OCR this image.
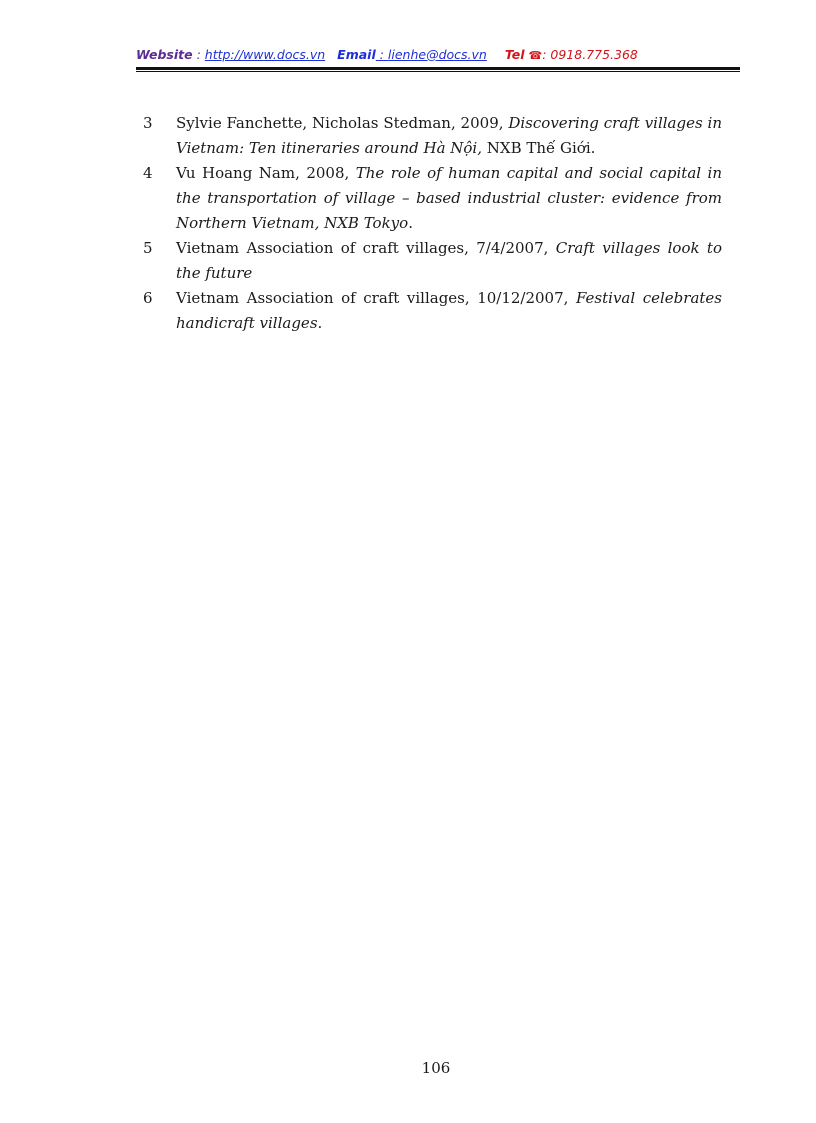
Website : http://www.docs.vn Email : lienhe@docs.vn Tel ☎: 0918.775.368
3 Sylvie Fanchette, Nicholas Stedman, 2009, Discovering craft villages in Vietnam: Ten itineraries around Hà Nội, NXB Thế Giới.
4 Vu Hoang Nam, 2008, The role of human capital and social capital in the transportation of village – based industrial cluster: evidence from Northern Vietnam, NXB Tokyo.
5 Vietnam Association of craft villages, 7/4/2007, Craft villages look to the future
6 Vietnam Association of craft villages, 10/12/2007, Festival celebrates handicraft villages.
106
